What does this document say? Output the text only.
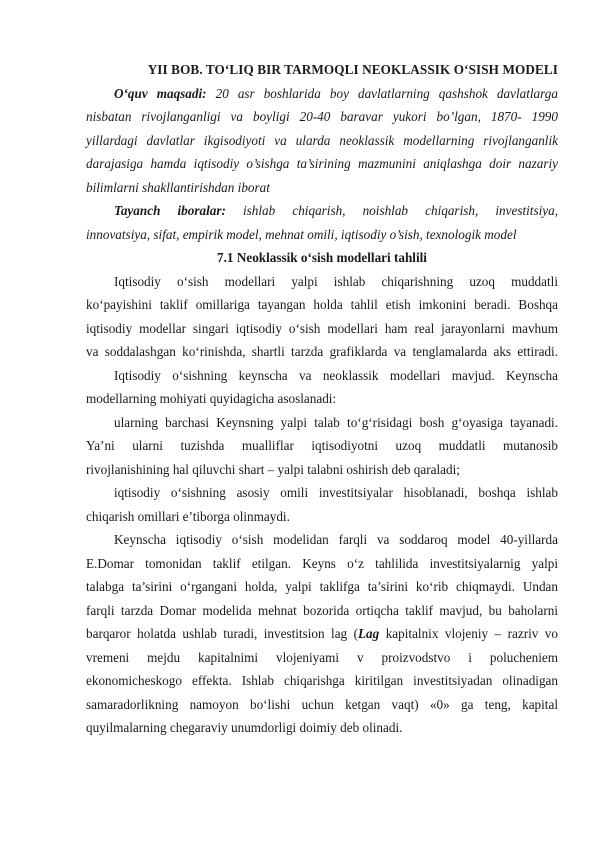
YII BOB. TO‘LIQ BIR TARMOQLI NEOKLASSIK O‘SISH MODELI
O‘quv maqsadi: 20 asr boshlarida boy davlatlarning qashshok davlatlarga
nisbatan rivojlanganligi va boyligi 20-40 baravar yukori bo’lgan, 1870- 1990
yillardagi davlatlar ikgisodiyoti va ularda neoklassik modellarning rivojlanganlik
darajasiga hamda iqtisodiy o’sishga ta’sirining mazmunini aniqlashga doir nazariy
bilimlarni shakllantirishdan iborat
Tayanch iboralar: ishlab chiqarish, noishlab chiqarish, investitsiya,
innovatsiya, sifat, empirik model, mehnat omili, iqtisodiy o’sish, texnologik model
7.1 Neoklassik o‘sish modellari tahlili
Iqtisodiy o‘sish modellari yalpi ishlab chiqarishning uzoq muddatli
ko‘payishini taklif omillariga tayangan holda tahlil etish imkonini beradi. Boshqa
iqtisodiy modellar singari iqtisodiy o‘sish modellari ham real jarayonlarni mavhum
va soddalashgan ko‘rinishda, shartli tarzda grafiklarda va tenglamalarda aks ettiradi.
Iqtisodiy o‘sishning keynscha va neoklassik modellari mavjud. Keynscha
modellarning mohiyati quyidagicha asoslanadi:
ularning barchasi Keynsning yalpi talab to‘g‘risidagi bosh g‘oyasiga tayanadi.
Ya’ni ularni tuzishda mualliflar iqtisodiyotni uzoq muddatli mutanosib
rivojlanishining hal qiluvchi shart – yalpi talabni oshirish deb qaraladi;
iqtisodiy o‘sishning asosiy omili investitsiyalar hisoblanadi, boshqa ishlab
chiqarish omillari e’tiborga olinmaydi.
Keynscha iqtisodiy o‘sish modelidan farqli va soddaroq model 40-yillarda
E.Domar tomonidan taklif etilgan. Keyns o‘z tahlilida investitsiyalarnig yalpi
talabga ta’sirini o‘rgangani holda, yalpi taklifga ta’sirini ko‘rib chiqmaydi. Undan
farqli tarzda Domar modelida mehnat bozorida ortiqcha taklif mavjud, bu baholarni
barqaror holatda ushlab turadi, investitsion lag (Lag kapitalnix vlojeniy – razriv vo
vremeni mejdu kapitalnimi vlojeniyami v proizvodstvo i polucheniem
ekonomicheskogo effekta. Ishlab chiqarishga kiritilgan investitsiyadan olinadigan
samaradorlikning namoyon bo‘lishi uchun ketgan vaqt) «0» ga teng, kapital
quyilmalarning chegaraviy unumdorligi doimiy deb olinadi.
